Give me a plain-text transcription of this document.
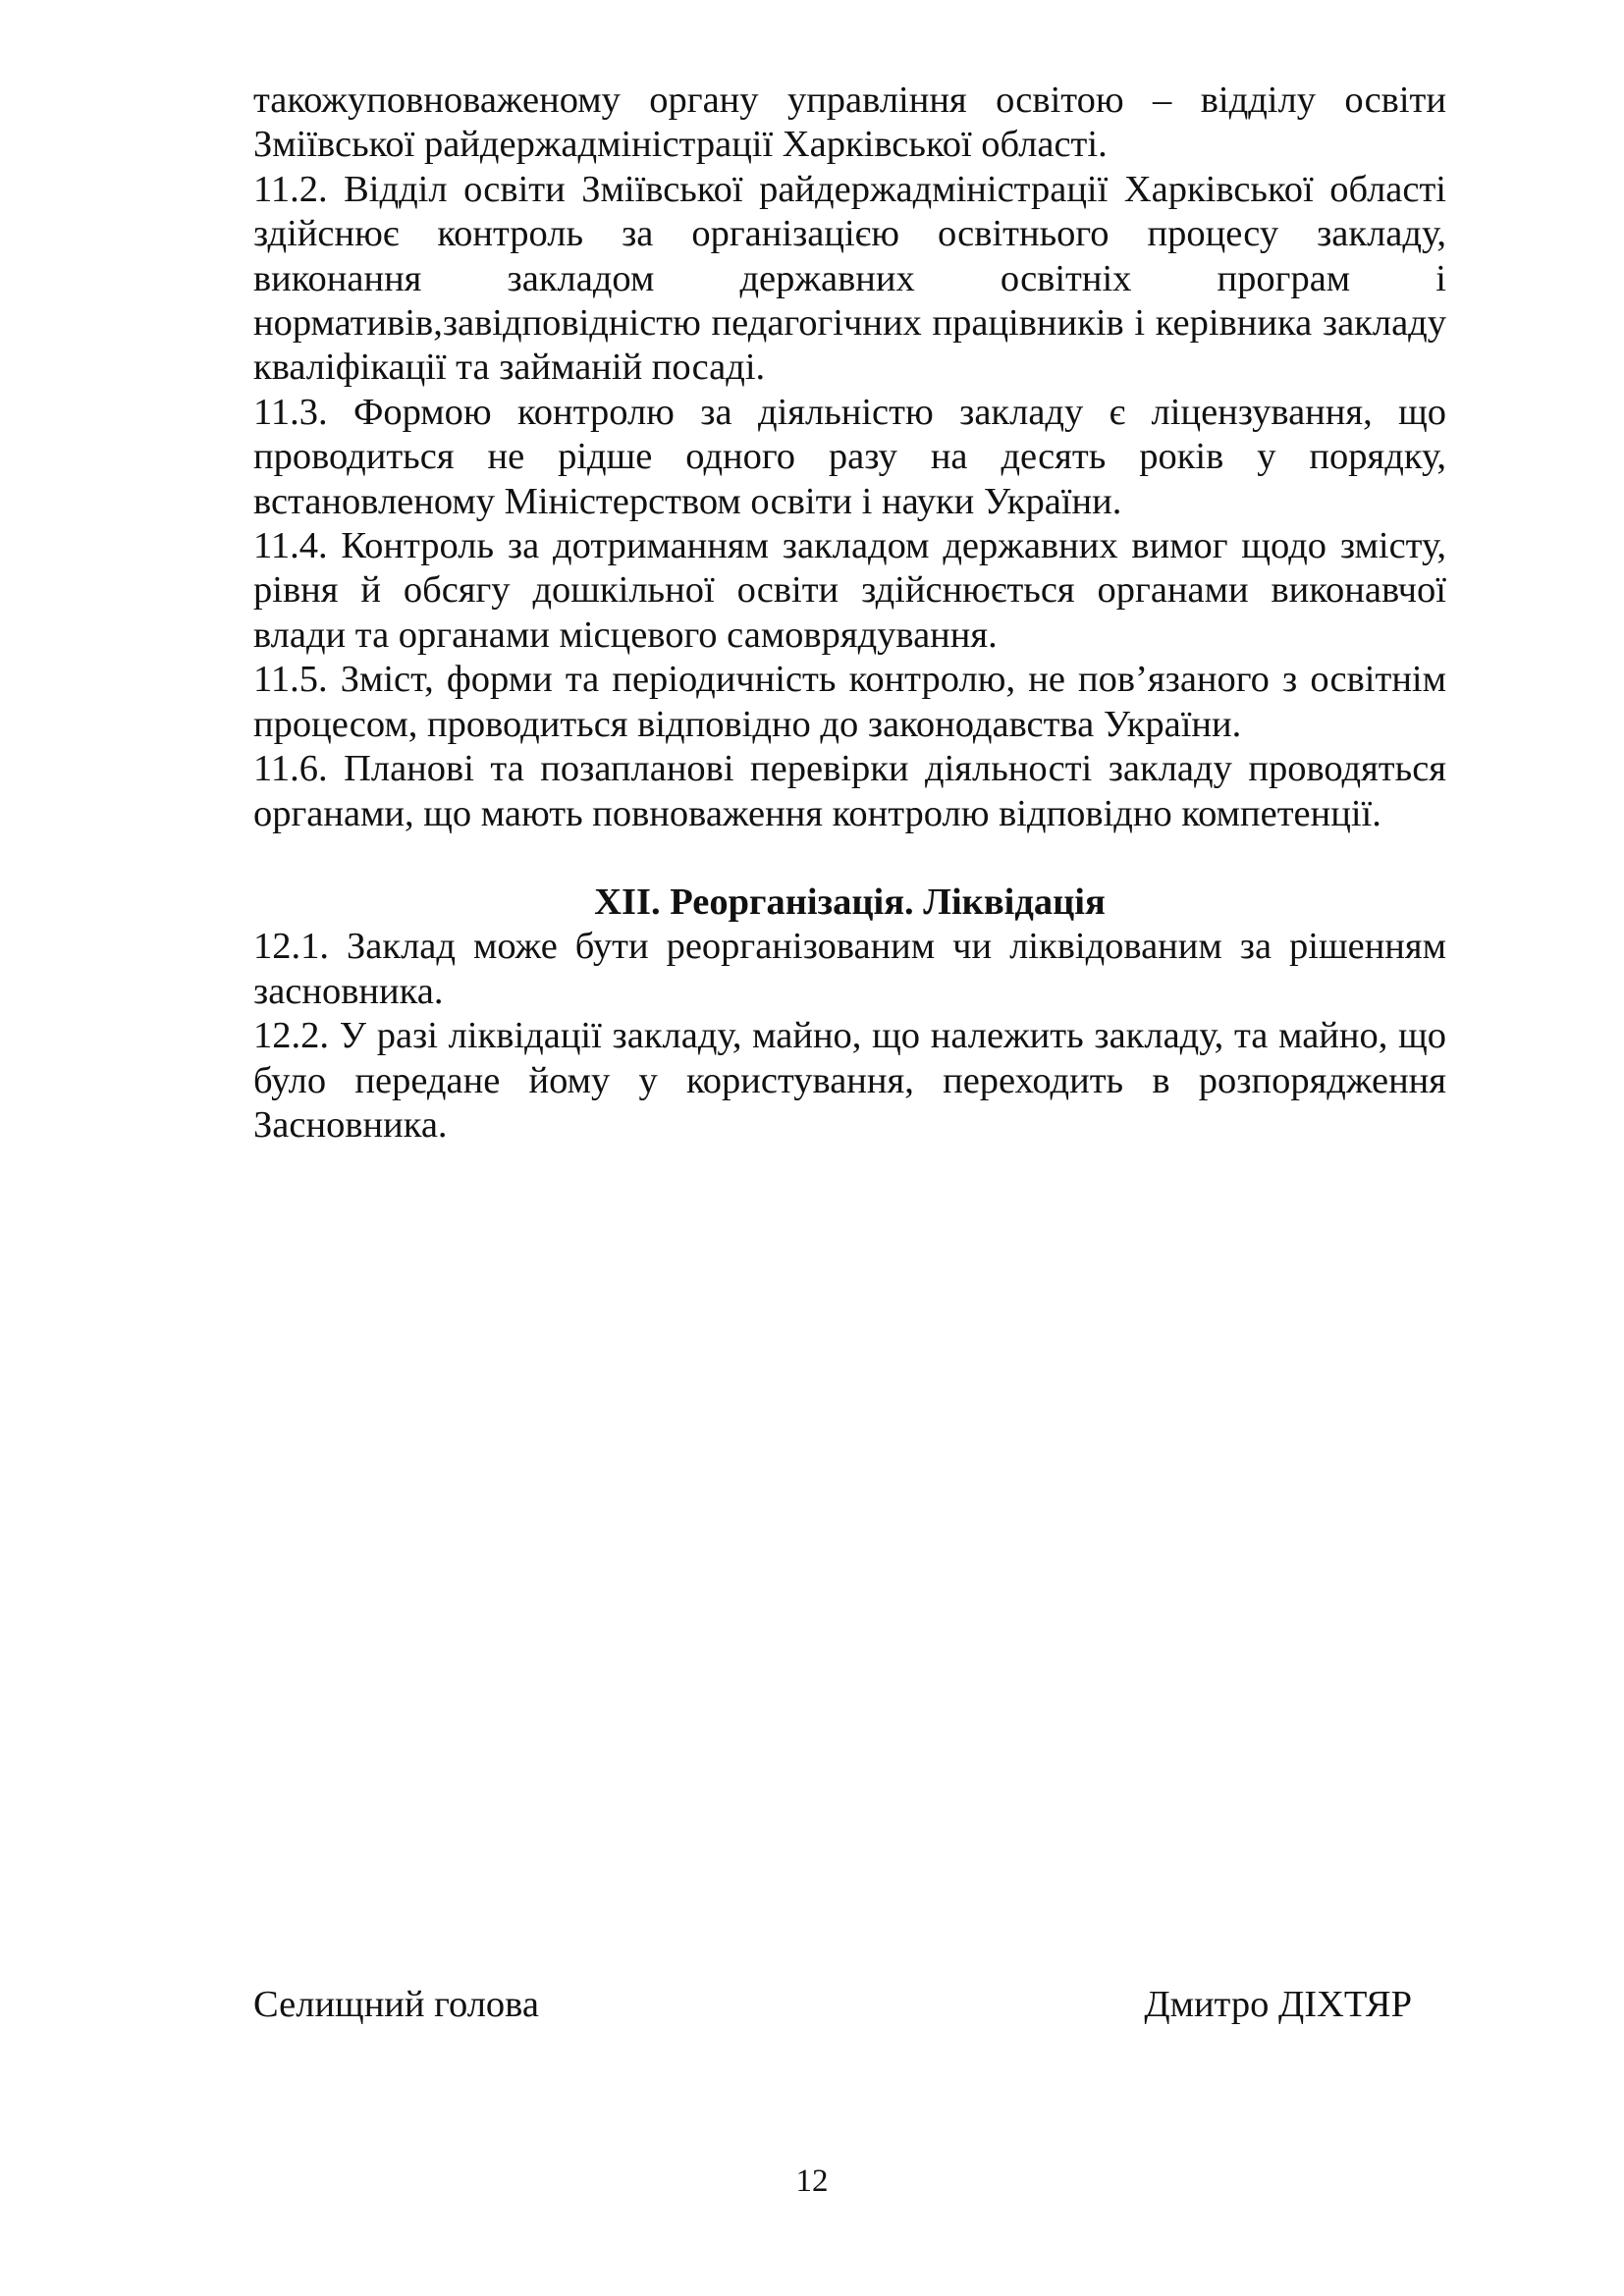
такожуповноваженому органу управління освітою – відділу освіти Зміївської райдержадміністрації Харківської області.

11.2. Відділ освіти Зміївської райдержадміністрації Харківської області здійснює контроль за організацією освітнього процесу закладу, виконання закладом державних освітніх програм і нормативів,завідповідністю педагогічних працівників і керівника закладу кваліфікації та займаній посаді.

11.3. Формою контролю за діяльністю закладу є ліцензування, що проводиться не рідше одного разу на десять років у порядку, встановленому Міністерством освіти і науки України.

11.4. Контроль за дотриманням закладом державних вимог щодо змісту, рівня й обсягу дошкільної освіти здійснюється органами виконавчої влади та органами місцевого самоврядування.

11.5. Зміст, форми та періодичність контролю, не пов’язаного з освітнім процесом, проводиться відповідно до законодавства України.

11.6. Планові та позапланові перевірки діяльності закладу проводяться органами, що мають повноваження контролю відповідно компетенції.

XII. Реорганізація. Ліквідація

12.1. Заклад може бути реорганізованим чи ліквідованим за рішенням засновника.

12.2. У разі ліквідації закладу, майно, що належить закладу, та майно, що було передане йому у користування, переходить в розпорядження Засновника.

Селищний голова	Дмитро ДІХТЯР
12
